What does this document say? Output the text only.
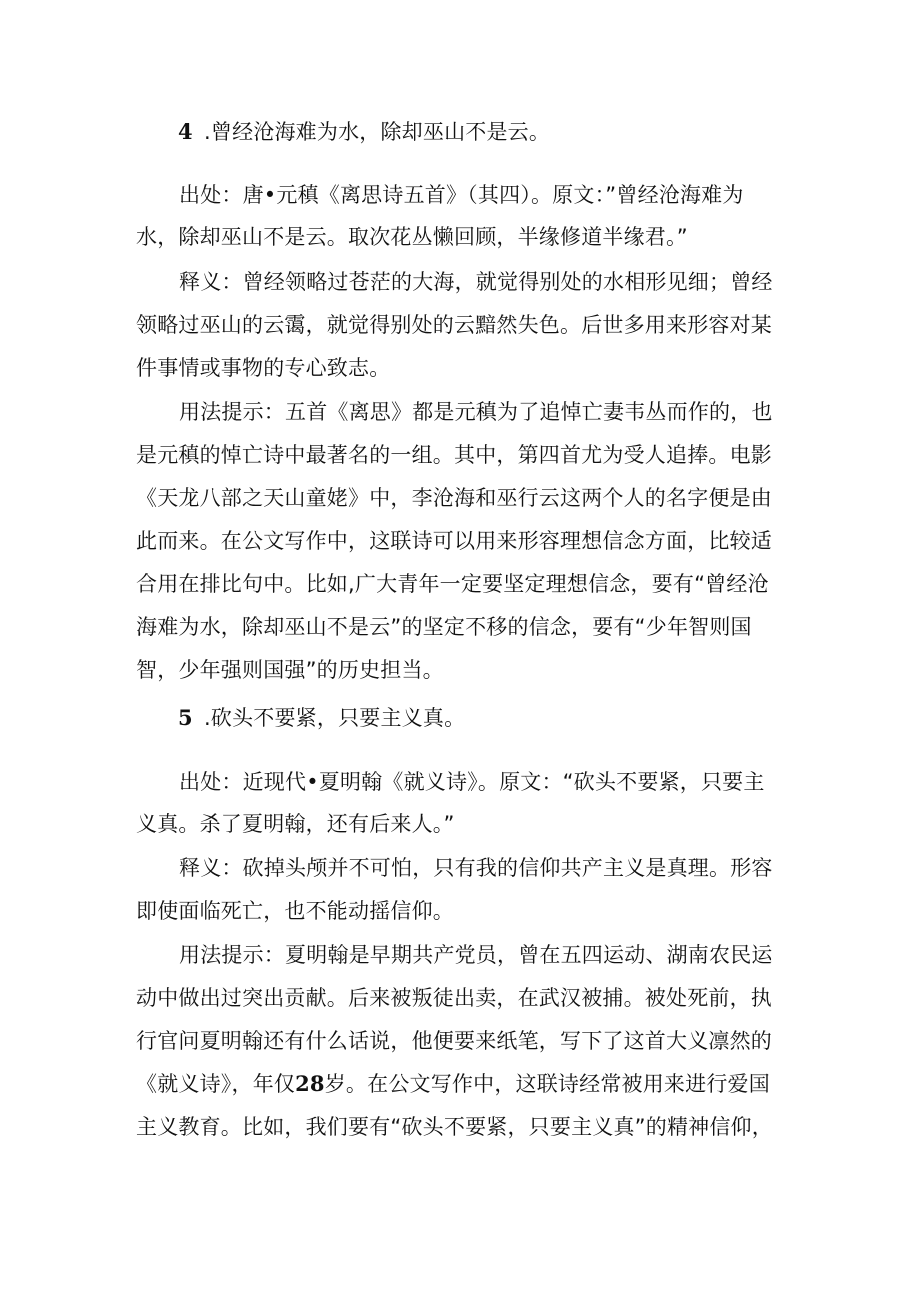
4 .曾经沧海难为水，除却巫山不是云。
出处：唐•元稹《离思诗五首》（其四）。原文：”曾经沧海难为
水，除却巫山不是云。取次花丛懒回顾，半缘修道半缘君。”
释义：曾经领略过苍茫的大海，就觉得别处的水相形见细；曾经
领略过巫山的云霭，就觉得别处的云黯然失色。后世多用来形容对某
件事情或事物的专心致志。
用法提示：五首《离思》都是元稹为了追悼亡妻韦丛而作的，也
是元稹的悼亡诗中最著名的一组。其中，第四首尤为受人追捧。电影
《天龙八部之天山童姥》中，李沧海和巫行云这两个人的名字便是由
此而来。在公文写作中，这联诗可以用来形容理想信念方面，比较适
合用在排比句中。比如,广大青年一定要坚定理想信念，要有“曾经沧
海难为水，除却巫山不是云”的坚定不移的信念，要有“少年智则国
智，少年强则国强”的历史担当。
5 .砍头不要紧，只要主义真。
出处：近现代•夏明翰《就义诗》。原文：“砍头不要紧，只要主
义真。杀了夏明翰，还有后来人。”
释义：砍掉头颅并不可怕，只有我的信仰共产主义是真理。形容
即使面临死亡，也不能动摇信仰。
用法提示：夏明翰是早期共产党员，曾在五四运动、湖南农民运
动中做出过突出贡献。后来被叛徒出卖，在武汉被捕。被处死前，执
行官问夏明翰还有什么话说，他便要来纸笔，写下了这首大义凛然的
《就义诗》，年仅28岁。在公文写作中，这联诗经常被用来进行爱国
主义教育。比如，我们要有“砍头不要紧，只要主义真”的精神信仰，
